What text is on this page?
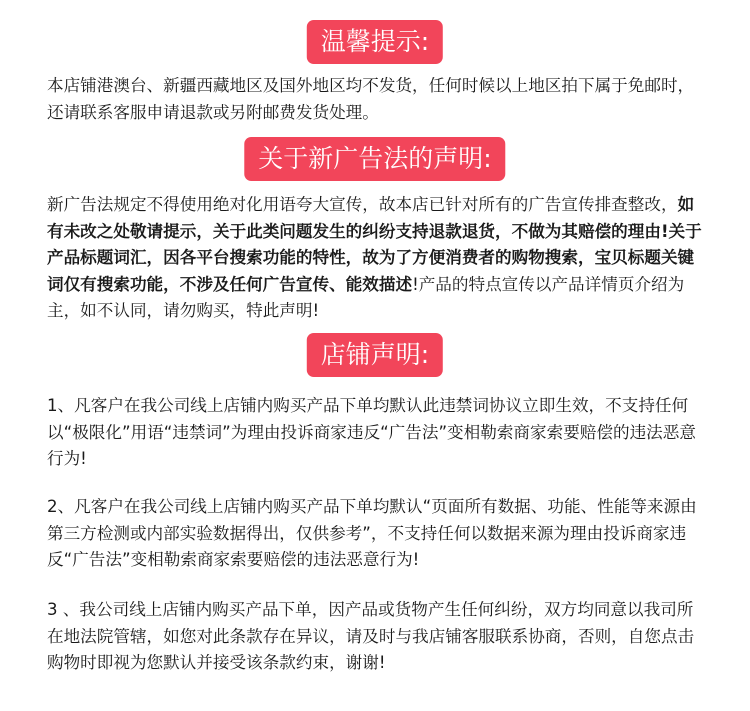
温馨提示:

本店铺港澳台、新疆西藏地区及国外地区均不发货，任何时候以上地区拍下属于免邮时，还请联系客服申请退款或另附邮费发货处理。

关于新广告法的声明:

新广告法规定不得使用绝对化用语夸大宣传，故本店已针对所有的广告宣传排查整改，如有未改之处敬请提示，关于此类问题发生的纠纷支持退款退货，不做为其赔偿的理由!关于产品标题词汇，因各平台搜索功能的特性，故为了方便消费者的购物搜索，宝贝标题关键词仅有搜索功能，不涉及任何广告宣传、能效描述!产品的特点宣传以产品详情页介绍为主，如不认同，请勿购买，特此声明!

店铺声明:

1、凡客户在我公司线上店铺内购买产品下单均默认此违禁词协议立即生效，不支持任何以“极限化”用语“违禁词”为理由投诉商家违反“广告法”变相勒索商家索要赔偿的违法恶意行为!

2、凡客户在我公司线上店铺内购买产品下单均默认“页面所有数据、功能、性能等来源由第三方检测或内部实验数据得出，仅供参考”，不支持任何以数据来源为理由投诉商家违反“广告法”变相勒索商家索要赔偿的违法恶意行为!

3 、我公司线上店铺内购买产品下单，因产品或货物产生任何纠纷，双方均同意以我司所在地法院管辖，如您对此条款存在异议，请及时与我店铺客服联系协商，否则，自您点击购物时即视为您默认并接受该条款约束，谢谢!
